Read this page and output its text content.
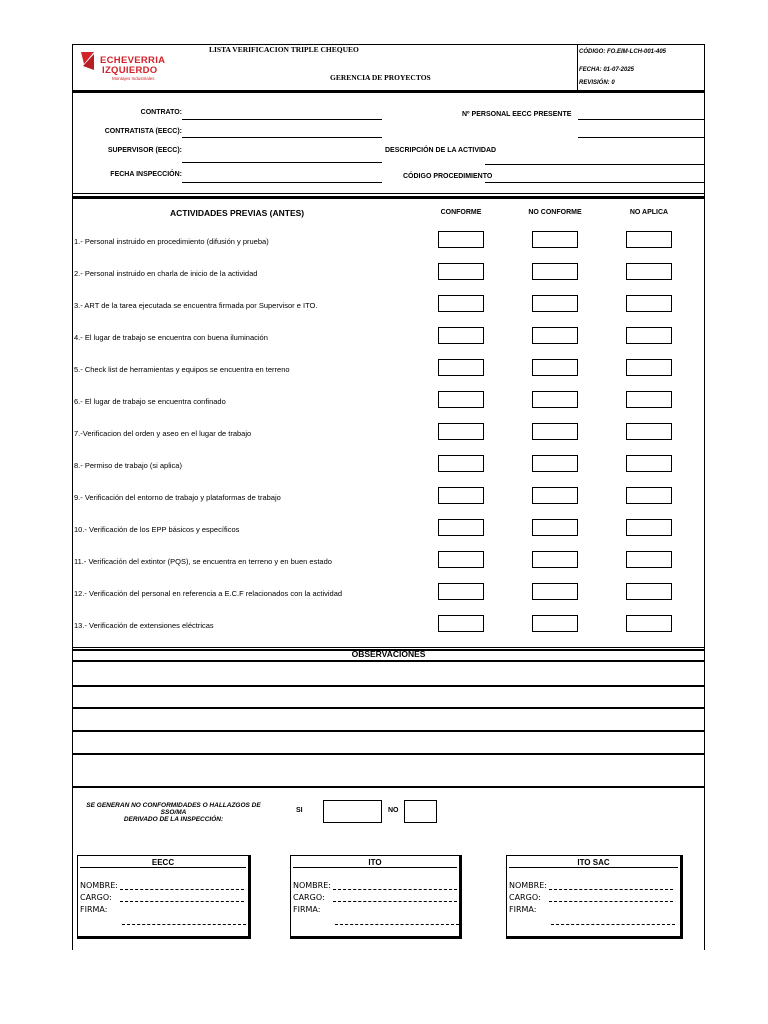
ECHEVERRIA
IZQUIERDO
Montajes Industriales
LISTA VERIFICACION TRIPLE CHEQUEO
GERENCIA DE PROYECTOS
CÓDIGO: FO.EIM-LCH-001-405
FECHA: 01-07-2025
REVISIÓN: 0
CONTRATO:
CONTRATISTA (EECC):
SUPERVISOR (EECC):
FECHA INSPECCIÓN:
Nº PERSONAL EECC PRESENTE
DESCRIPCIÓN DE LA ACTIVIDAD
CÓDIGO PROCEDIMIENTO
ACTIVIDADES PREVIAS (ANTES)	CONFORME	NO CONFORME	NO APLICA
1.- Personal instruido en procedimiento (difusión y prueba)
2.- Personal instruido en charla de inicio de la actividad
3.- ART de la tarea ejecutada se encuentra firmada por Supervisor e ITO.
4.- El lugar de trabajo se encuentra con buena iluminación
5.- Check list de herramientas y equipos se encuentra en terreno
6.- El lugar de trabajo se encuentra confinado
7.-Verificacion del orden y aseo en el lugar de trabajo
8.- Permiso de trabajo (si aplica)
9.- Verificación del entorno de trabajo y plataformas de trabajo
10.- Verificación de los EPP básicos y específicos
11.- Verificación del extintor (PQS), se encuentra en terreno y en buen estado
12.- Verificación del personal en referencia a E.C.F relacionados con la actividad
13.- Verificación de extensiones eléctricas
OBSERVACIONES
SE GENERAN NO CONFORMIDADES O HALLAZGOS DE SSO/MA
DERIVADO DE LA INSPECCIÓN:
SI	NO
EECC
NOMBRE:
CARGO:
FIRMA:
ITO
NOMBRE:
CARGO:
FIRMA:
ITO SAC
NOMBRE:
CARGO:
FIRMA:
